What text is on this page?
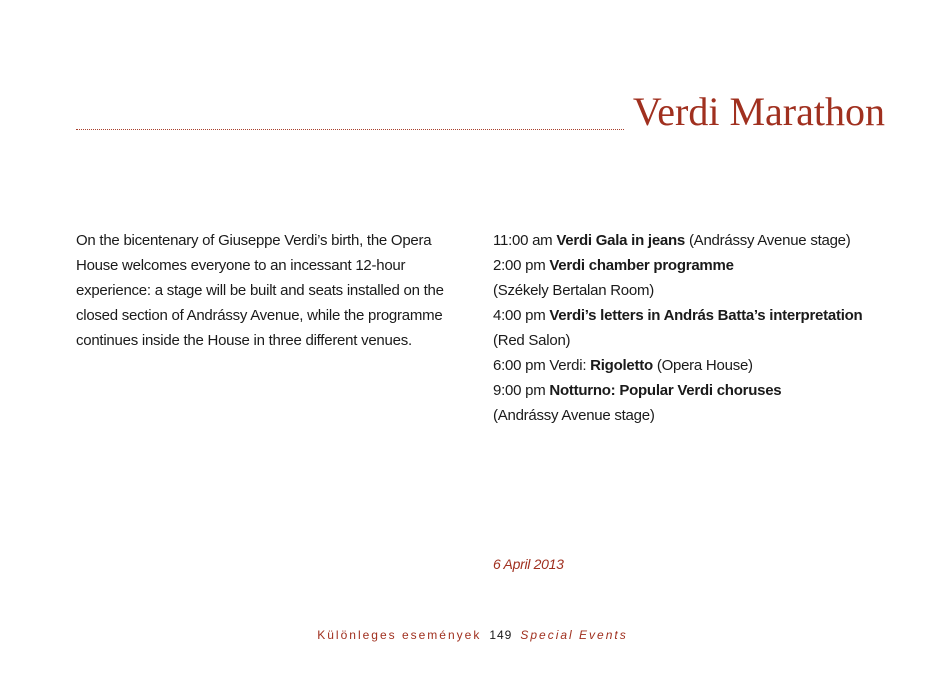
Verdi Marathon

On the bicentenary of Giuseppe Verdi’s birth, the Opera House welcomes everyone to an incessant 12-hour experience: a stage will be built and seats installed on the closed section of Andrássy Avenue, while the programme continues inside the House in three different venues.

11:00 am Verdi Gala in jeans (Andrássy Avenue stage)
2:00 pm Verdi chamber programme
(Székely Bertalan Room)
4:00 pm Verdi’s letters in András Batta’s interpretation
(Red Salon)
6:00 pm Verdi: Rigoletto (Opera House)
9:00 pm Notturno: Popular Verdi choruses
(Andrássy Avenue stage)

6 April 2013

Különleges események 149 Special Events
